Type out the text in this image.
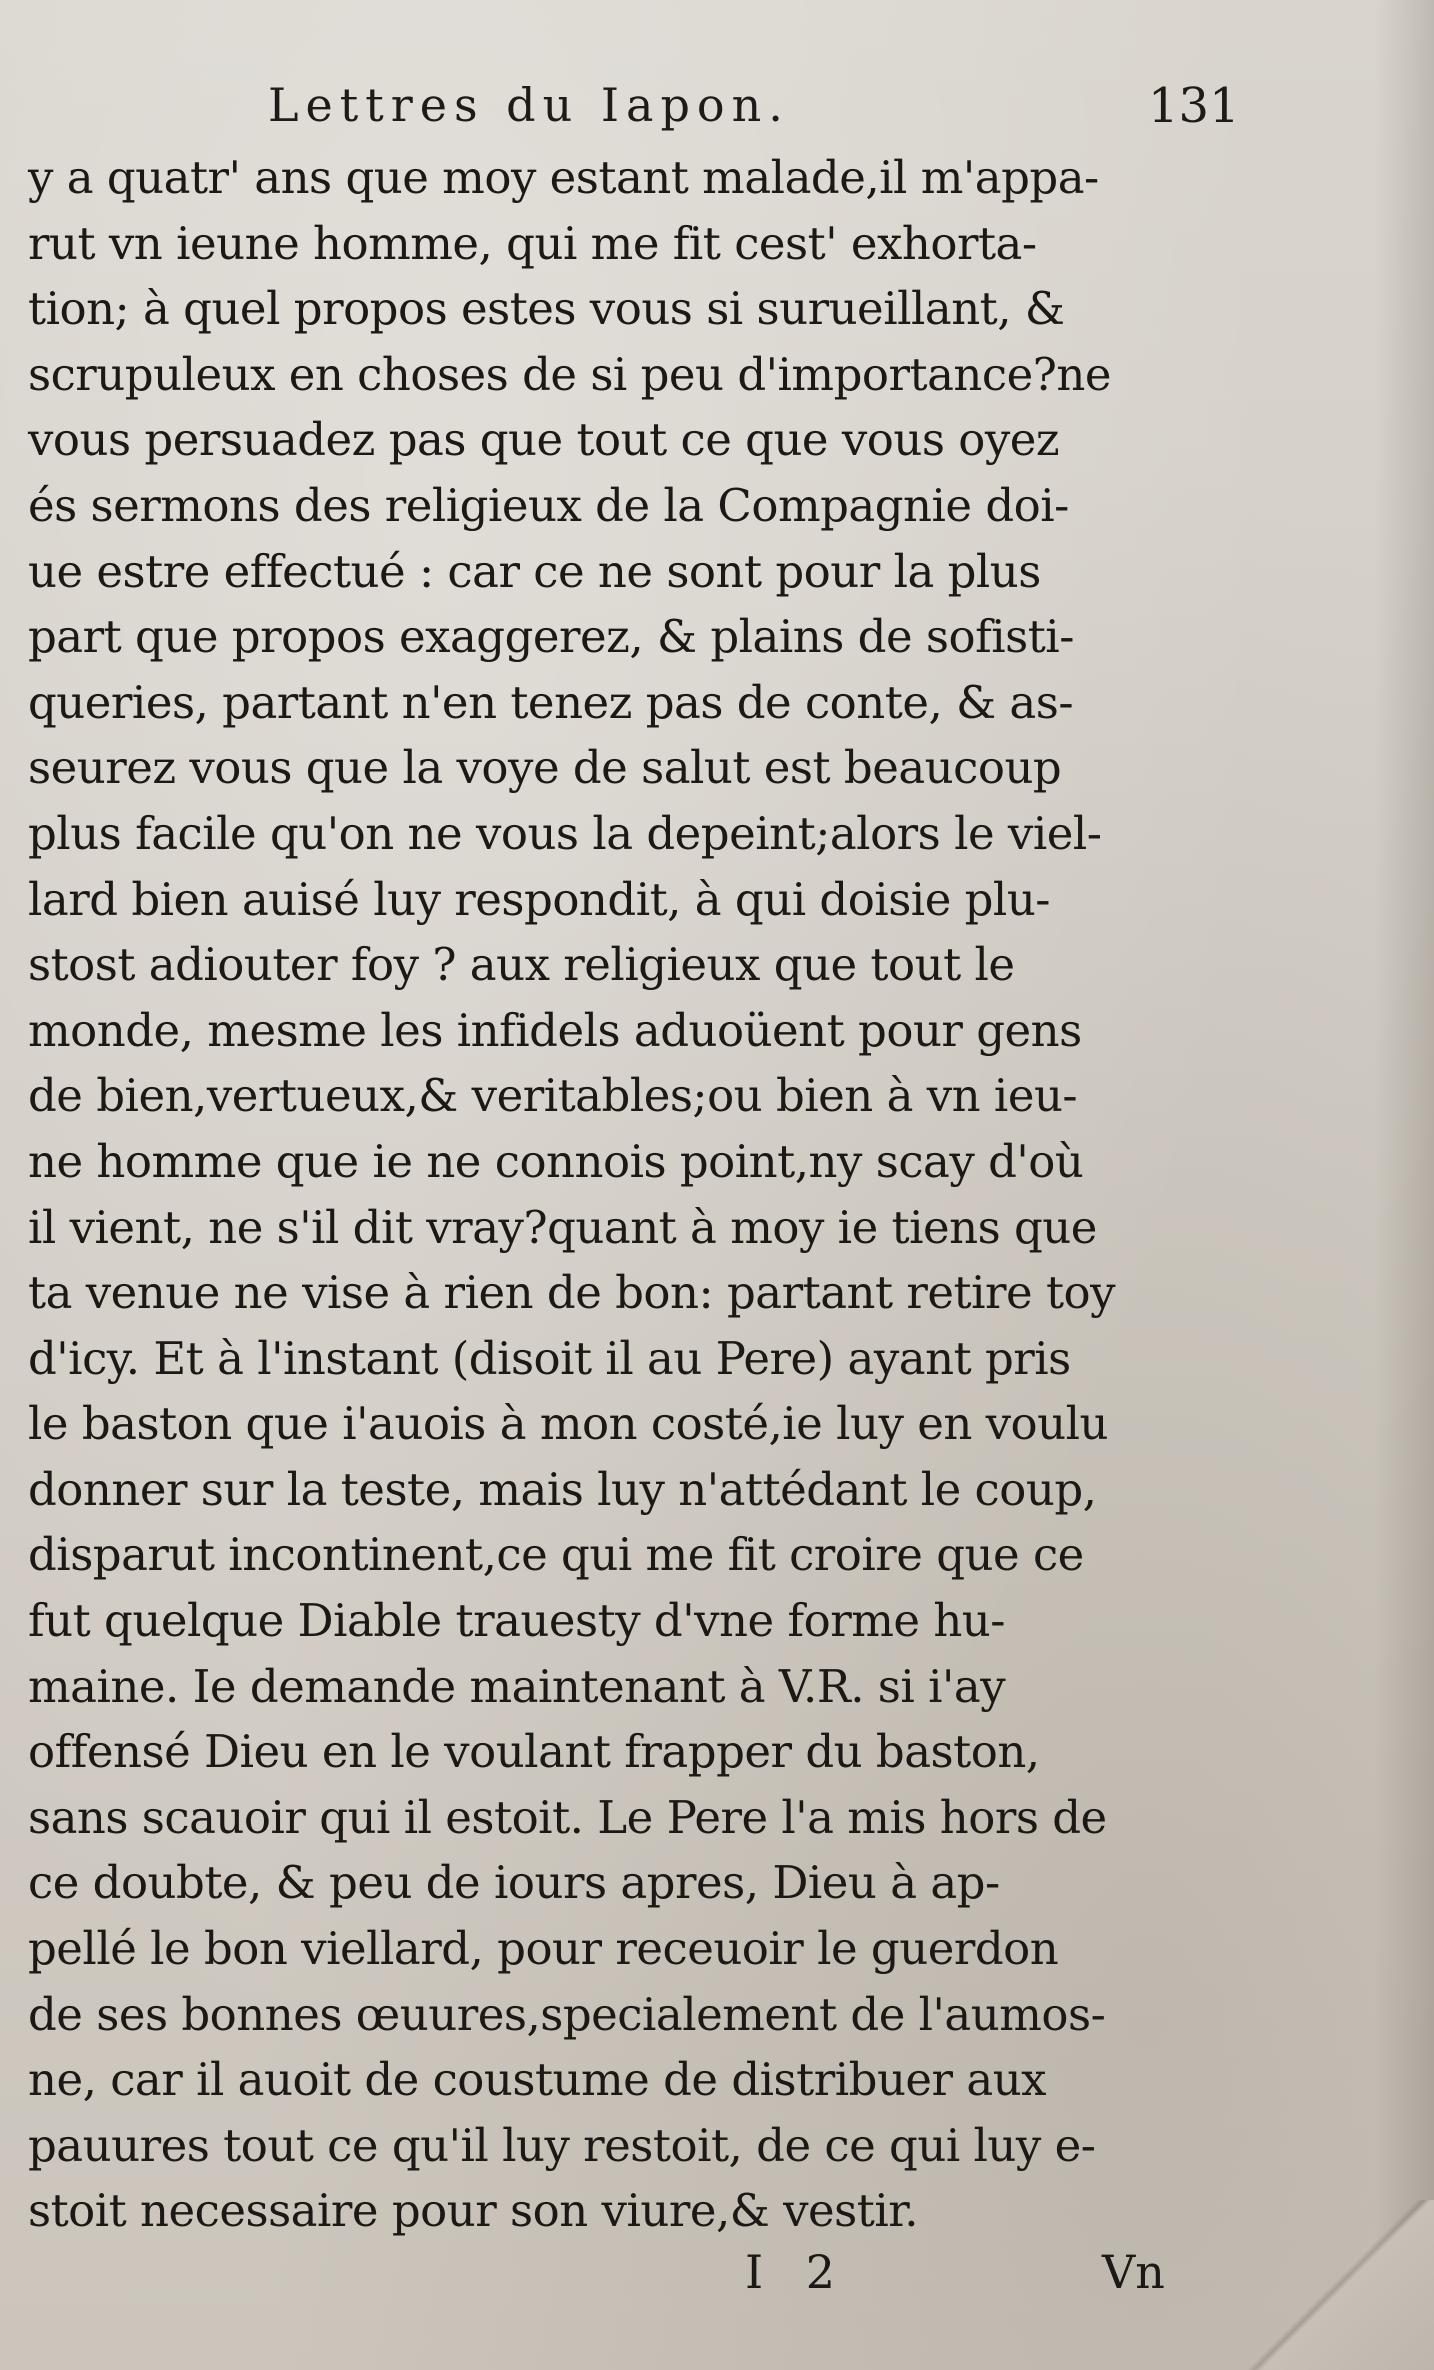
Lettres du Iapon.	131
y a quatr' ans que moy estant malade,il m'appa-
rut vn ieune homme, qui me fit cest' exhorta-
tion; à quel propos estes vous si surueillant, &
scrupuleux en choses de si peu d'importance?ne
vous persuadez pas que tout ce que vous oyez
és sermons des religieux de la Compagnie doi-
ue estre effectué : car ce ne sont pour la plus
part que propos exaggerez, & plains de sofisti-
queries, partant n'en tenez pas de conte, & as-
seurez vous que la voye de salut est beaucoup
plus facile qu'on ne vous la depeint;alors le viel-
lard bien auisé luy respondit, à qui doisie plu-
stost adiouter foy ? aux religieux que tout le
monde, mesme les infidels aduoüent pour gens
de bien,vertueux,& veritables;ou bien à vn ieu-
ne homme que ie ne connois point,ny scay d'où
il vient, ne s'il dit vray?quant à moy ie tiens que
ta venue ne vise à rien de bon: partant retire toy
d'icy. Et à l'instant (disoit il au Pere) ayant pris
le baston que i'auois à mon costé,ie luy en voulu
donner sur la teste, mais luy n'attédant le coup,
disparut incontinent,ce qui me fit croire que ce
fut quelque Diable trauesty d'vne forme hu-
maine. Ie demande maintenant à V.R. si i'ay
offensé Dieu en le voulant frapper du baston,
sans scauoir qui il estoit. Le Pere l'a mis hors de
ce doubte, & peu de iours apres, Dieu à ap-
pellé le bon viellard, pour receuoir le guerdon
de ses bonnes œuures,specialement de l'aumos-
ne, car il auoit de coustume de distribuer aux
pauures tout ce qu'il luy restoit, de ce qui luy e-
stoit necessaire pour son viure,& vestir.
I 2	Vn
